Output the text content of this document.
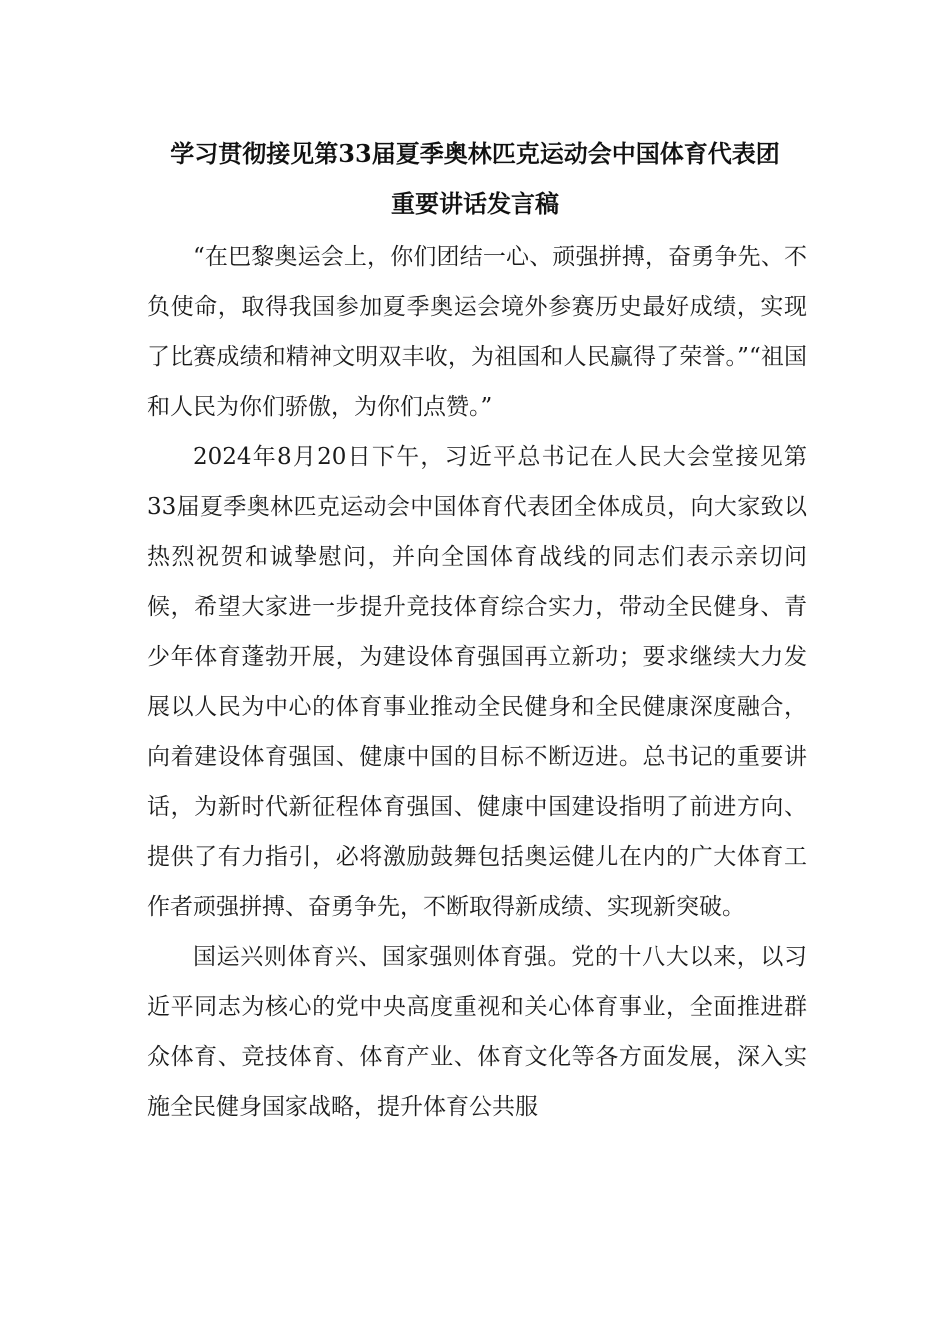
学习贯彻接见第33届夏季奥林匹克运动会中国体育代表团
重要讲话发言稿

“在巴黎奥运会上，你们团结一心、顽强拼搏，奋勇争先、不负使命，取得我国参加夏季奥运会境外参赛历史最好成绩，实现了比赛成绩和精神文明双丰收，为祖国和人民赢得了荣誉。”“祖国和人民为你们骄傲，为你们点赞。”

2024年8月20日下午，习近平总书记在人民大会堂接见第33届夏季奥林匹克运动会中国体育代表团全体成员，向大家致以热烈祝贺和诚挚慰问，并向全国体育战线的同志们表示亲切问候，希望大家进一步提升竞技体育综合实力，带动全民健身、青少年体育蓬勃开展，为建设体育强国再立新功；要求继续大力发展以人民为中心的体育事业推动全民健身和全民健康深度融合，向着建设体育强国、健康中国的目标不断迈进。总书记的重要讲话，为新时代新征程体育强国、健康中国建设指明了前进方向、提供了有力指引，必将激励鼓舞包括奥运健儿在内的广大体育工作者顽强拼搏、奋勇争先，不断取得新成绩、实现新突破。

国运兴则体育兴、国家强则体育强。党的十八大以来，以习近平同志为核心的党中央高度重视和关心体育事业，全面推进群众体育、竞技体育、体育产业、体育文化等各方面发展，深入实施全民健身国家战略，提升体育公共服
